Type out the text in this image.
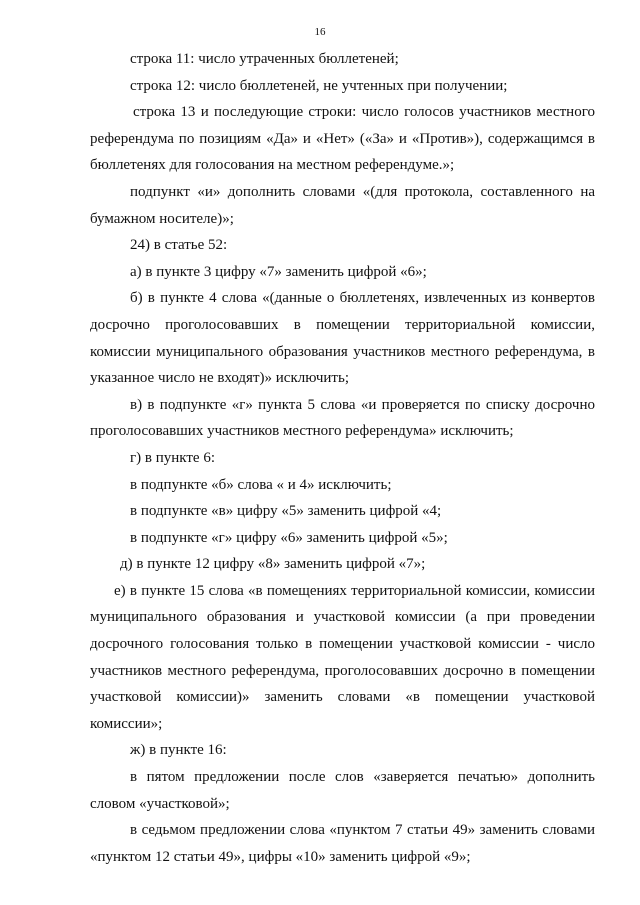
16

строка 11: число утраченных бюллетеней;

строка 12: число бюллетеней, не учтенных при получении;

строка 13 и последующие строки: число голосов участников местного референдума по позициям «Да» и «Нет» («За» и «Против»), содержащимся в бюллетенях для голосования на местном референдуме.»;

подпункт «и» дополнить словами «(для протокола, составленного на бумажном носителе)»;

24) в статье 52:

а) в пункте 3 цифру «7» заменить цифрой «6»;

б) в пункте 4 слова «(данные о бюллетенях, извлеченных из конвертов досрочно проголосовавших в помещении территориальной комиссии, комиссии муниципального образования участников местного референдума, в указанное число не входят)» исключить;

в) в подпункте «г» пункта 5 слова «и проверяется по списку досрочно проголосовавших участников местного референдума» исключить;

г) в пункте 6:

в подпункте «б» слова « и 4» исключить;

в подпункте «в» цифру «5» заменить цифрой «4;

в подпункте «г» цифру «6» заменить цифрой «5»;

д) в пункте 12 цифру «8» заменить цифрой «7»;

е) в пункте 15 слова «в помещениях территориальной комиссии, комиссии муниципального образования и участковой комиссии (а при проведении досрочного голосования только в помещении участковой комиссии - число участников местного референдума, проголосовавших досрочно в помещении участковой комиссии)» заменить словами «в помещении участковой комиссии»;

ж) в пункте 16:

в пятом предложении после слов «заверяется печатью» дополнить словом «участковой»;

в седьмом предложении слова «пунктом 7 статьи 49» заменить словами «пунктом 12 статьи 49», цифры «10» заменить цифрой «9»;
